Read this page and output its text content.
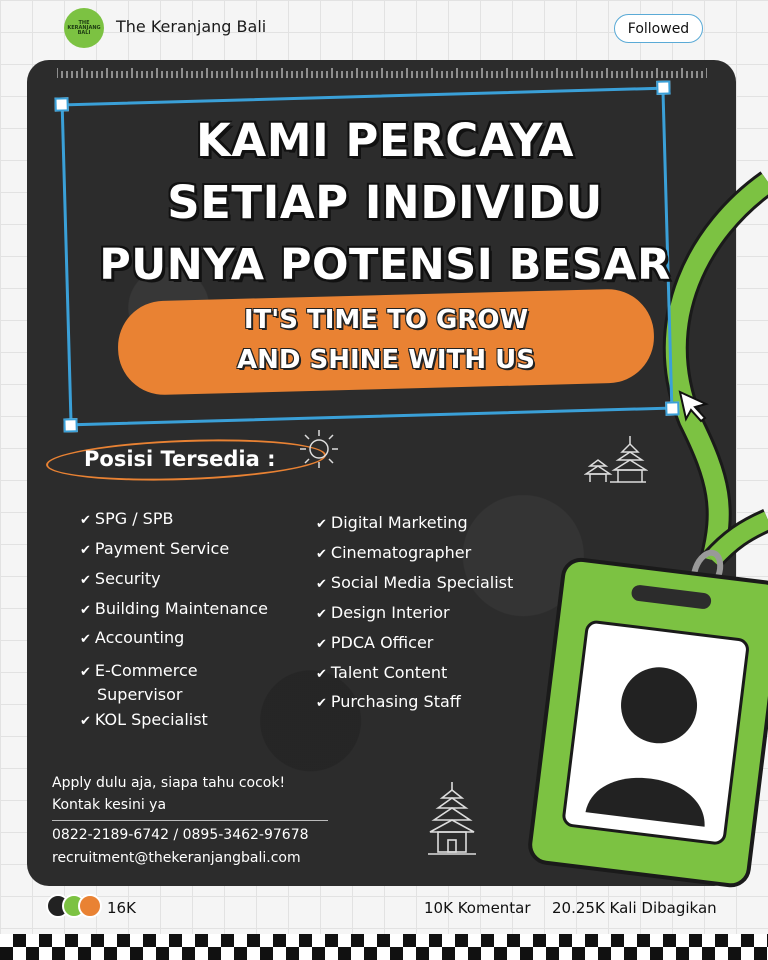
THE KERANJANG BALI	The Keranjang Bali	Followed
KAMI PERCAYA
SETIAP INDIVIDU
PUNYA POTENSI BESAR
IT'S TIME TO GROW
AND SHINE WITH US
Posisi Tersedia :
✔ SPG / SPB
✔ Payment Service
✔ Security
✔ Building Maintenance
✔ Accounting
✔ E-Commerce
Supervisor
✔ KOL Specialist
✔ Digital Marketing
✔ Cinematographer
✔ Social Media Specialist
✔ Design Interior
✔ PDCA Officer
✔ Talent Content
✔ Purchasing Staff
Apply dulu aja, siapa tahu cocok!
Kontak kesini ya
0822-2189-6742 / 0895-3462-97678
recruitment@thekeranjangbali.com
16K	10K Komentar 20.25K Kali Dibagikan
